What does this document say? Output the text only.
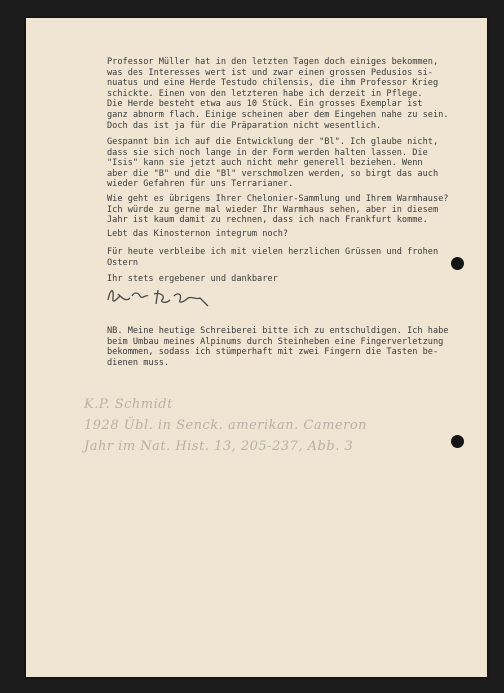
Professor Müller hat in den letzten Tagen doch einiges bekommen,
was des Interesses wert ist und zwar einen grossen Pedusios si-
nuatus und eine Herde Testudo chilensis, die ihm Professor Krieg
schickte. Einen von den letzteren habe ich derzeit in Pflege.
Die Herde besteht etwa aus 10 Stück. Ein grosses Exemplar ist
ganz abnorm flach. Einige scheinen aber dem Eingehen nahe zu sein.
Doch das ist ja für die Präparation nicht wesentlich.
Gespannt bin ich auf die Entwicklung der "Bl". Ich glaube nicht,
dass sie sich noch lange in der Form werden halten lassen. Die
"Isis" kann sie jetzt auch nicht mehr generell beziehen. Wenn
aber die "B" und die "Bl" verschmolzen werden, so birgt das auch
wieder Gefahren für uns Terrarianer.
Wie geht es übrigens Ihrer Chelonier-Sammlung und Ihrem Warmhause?
Ich würde zu gerne mal wieder Ihr Warmhaus sehen, aber in diesem
Jahr ist kaum damit zu rechnen, dass ich nach Frankfurt komme.
Lebt das Kinosternon integrum noch?
Für heute verbleibe ich mit vielen herzlichen Grüssen und frohen
Ostern
Ihr stets ergebener und dankbarer
NB. Meine heutige Schreiberei bitte ich zu entschuldigen. Ich habe
beim Umbau meines Alpinums durch Steinheben eine Fingerverletzung
bekommen, sodass ich stümperhaft mit zwei Fingern die Tasten be-
dienen muss.
K.P. Schmidt
1928 Übl. in Senck. amerikan. Cameron
Jahr im Nat. Hist. 13, 205-237, Abb. 3
